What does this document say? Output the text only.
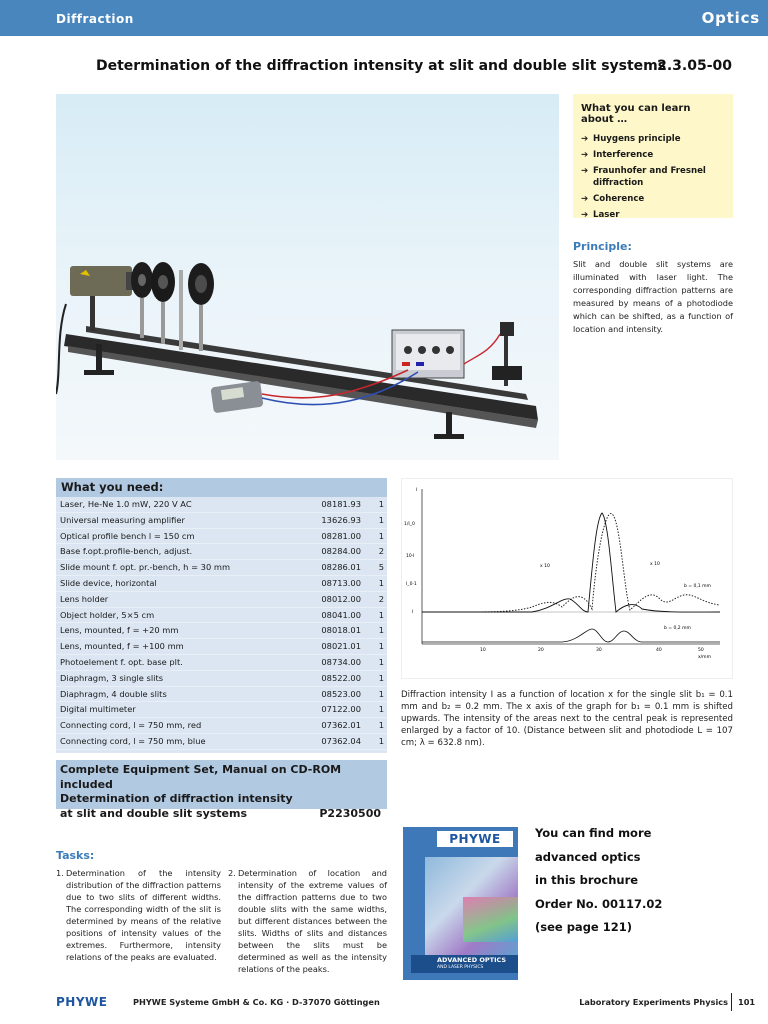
Diffraction	Optics
Determination of the diffraction intensity at slit and double slit systems
2.3.05-00
What you can learn about …
➔ Huygens principle
➔ Interference
➔ Fraunhofer and Fresnel diffraction
➔ Coherence
➔ Laser
Principle:
Slit and double slit systems are illuminated with laser light. The corresponding diffraction patterns are measured by means of a photodiode which can be shifted, as a function of location and intensity.
What you need:
Laser, He-Ne 1.0 mW, 220 V AC	08181.93 1
Universal measuring amplifier	13626.93 1
Optical profile bench l = 150 cm	08281.00 1
Base f.opt.profile-bench, adjust.	08284.00 2
Slide mount f. opt. pr.-bench, h = 30 mm	08286.01 5
Slide device, horizontal	08713.00 1
Lens holder	08012.00 2
Object holder, 5×5 cm	08041.00 1
Lens, mounted, f = +20 mm	08018.01 1
Lens, mounted, f = +100 mm	08021.01 1
Photoelement f. opt. base plt.	08734.00 1
Diaphragm, 3 single slits	08522.00 1
Diaphragm, 4 double slits	08523.00 1
Digital multimeter	07122.00 1
Connecting cord, l = 750 mm, red	07362.01 1
Connecting cord, l = 750 mm, blue	07362.04 1
Complete Equipment Set, Manual on CD-ROM included
Determination of diffraction intensity
at slit and double slit systems	P2230500
I
1/I_0
10·I
I_0·1
I
x 10	x 10
b = 0,1 mm
b = 0,2 mm
10	20	30	40	50
x/mm
Diffraction intensity I as a function of location x for the single slit b₁ = 0.1 mm and b₂ = 0.2 mm. The x axis of the graph for b₁ = 0.1 mm is shifted upwards. The intensity of the areas next to the central peak is represented enlarged by a factor of 10. (Distance between slit and photodiode L = 107 cm; λ = 632.8 nm).
Tasks:
1. Determination of the intensity distribution of the diffraction patterns due to two slits of different widths. The corresponding width of the slit is determined by means of the relative positions of intensity values of the extremes. Furthermore, intensity relations of the peaks are evaluated.
2. Determination of location and intensity of the extreme values of the diffraction patterns due to two double slits with the same widths, but different distances between the slits. Widths of slits and distances between the slits must be determined as well as the intensity relations of the peaks.
PHYWE
ADVANCED OPTICS
AND LASER PHYSICS
You can find more
advanced optics
in this brochure
Order No. 00117.02
(see page 121)
PHYWE	PHYWE Systeme GmbH & Co. KG · D-37070 Göttingen	Laboratory Experiments Physics 101
